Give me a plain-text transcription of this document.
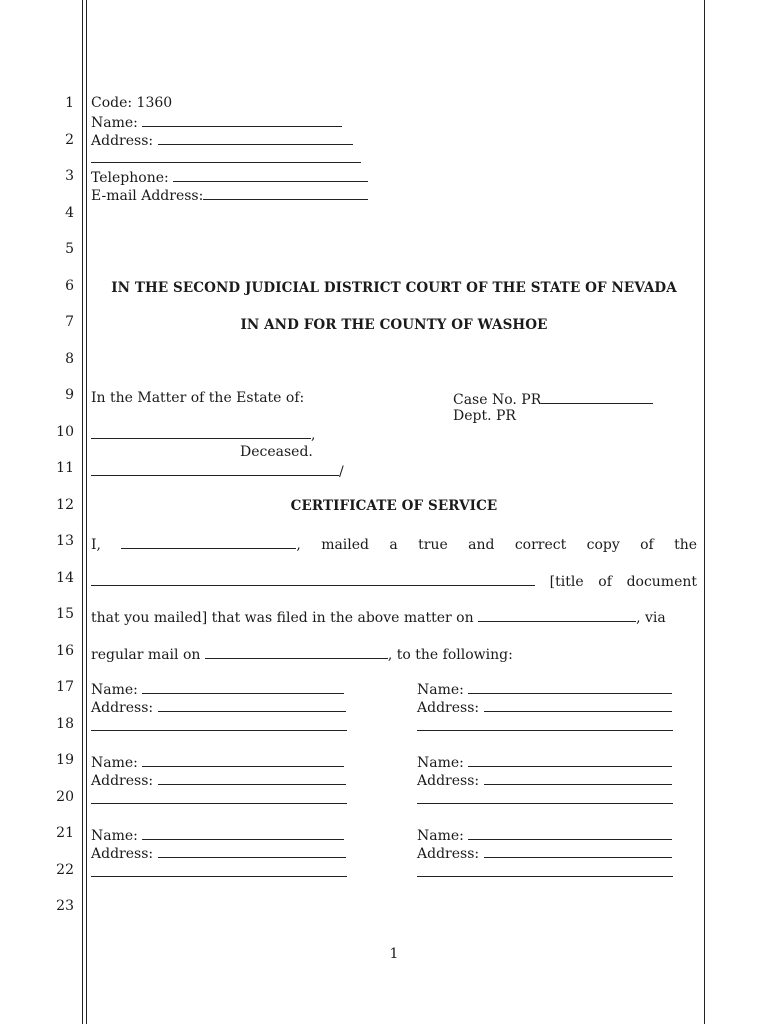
1
2
3
4
5
6
7
8
9
10
11
12
13
14
15
16
17
18
19
20
21
22
23
Code: 1360
Name:
Address:
Telephone:
E-mail Address:
IN THE SECOND JUDICIAL DISTRICT COURT OF THE STATE OF NEVADA
IN AND FOR THE COUNTY OF WASHOE
In the Matter of the Estate of:	Case No. PR
Dept. PR
,
Deceased.
/
CERTIFICATE OF SERVICE
I,	, mailed a true and correct copy of the
[title of document
that you mailed] that was filed in the above matter on	, via
regular mail on	, to the following:
Name:
Address:
Name:
Address:
Name:
Address:
Name:
Address:
Name:
Address:
Name:
Address:
1
